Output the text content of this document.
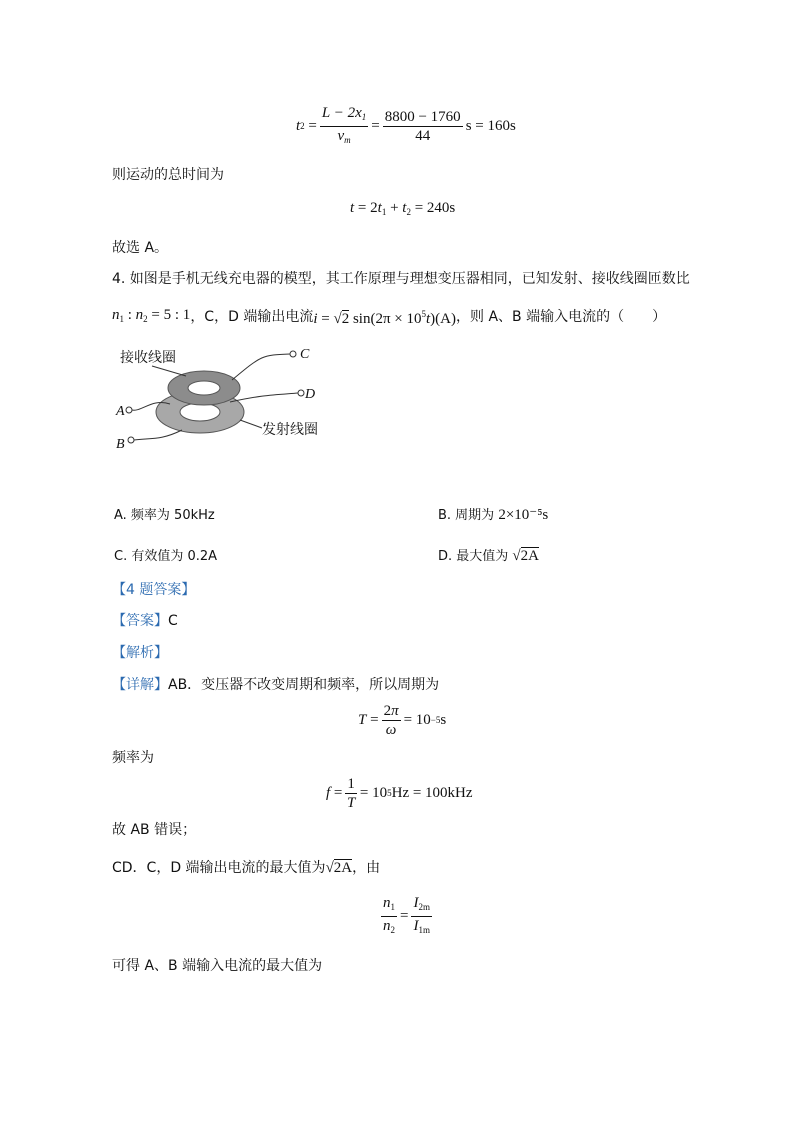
t $2 = \frac{L - 2x_1}{v_m} = \frac{8800 - 1760}{44}$ s = 160s
则运动的总时间为
$t = 2t_1 + t_2 = 240s$
故选 A。
4. 如图是手机无线充电器的模型，其工作原理与理想变压器相同，已知发射、接收线圈匝数比
$n_1$ : $n_2 = 5$ : 1 ，C，D 端输出电流 i = √2 $\sin(2\pi \times 10^5t)(A)$ ，则 A、B 端输入电流的（　　）
接收线圈
发射线圈
C
D
A
B
A. 频率为 50kHz	B. 周期为 2×10⁻⁵s
C. 有效值为 0.2A	D. 最大值为 √2A
【4 题答案】
【答案】C
【解析】
【详解】AB．变压器不改变周期和频率，所以周期为
$T = \frac{2\pi}{\omega} = 10 -5$ s
频率为
$f = \frac{1}{T} = 10$ 5 Hz = 100kHz
故 AB 错误；
CD．C，D 端输出电流的最大值为 √2A ，由
$\frac{n_1}{n_2} = \frac{I_{2m}}{I_{1m}}$
可得 A、B 端输入电流的最大值为
